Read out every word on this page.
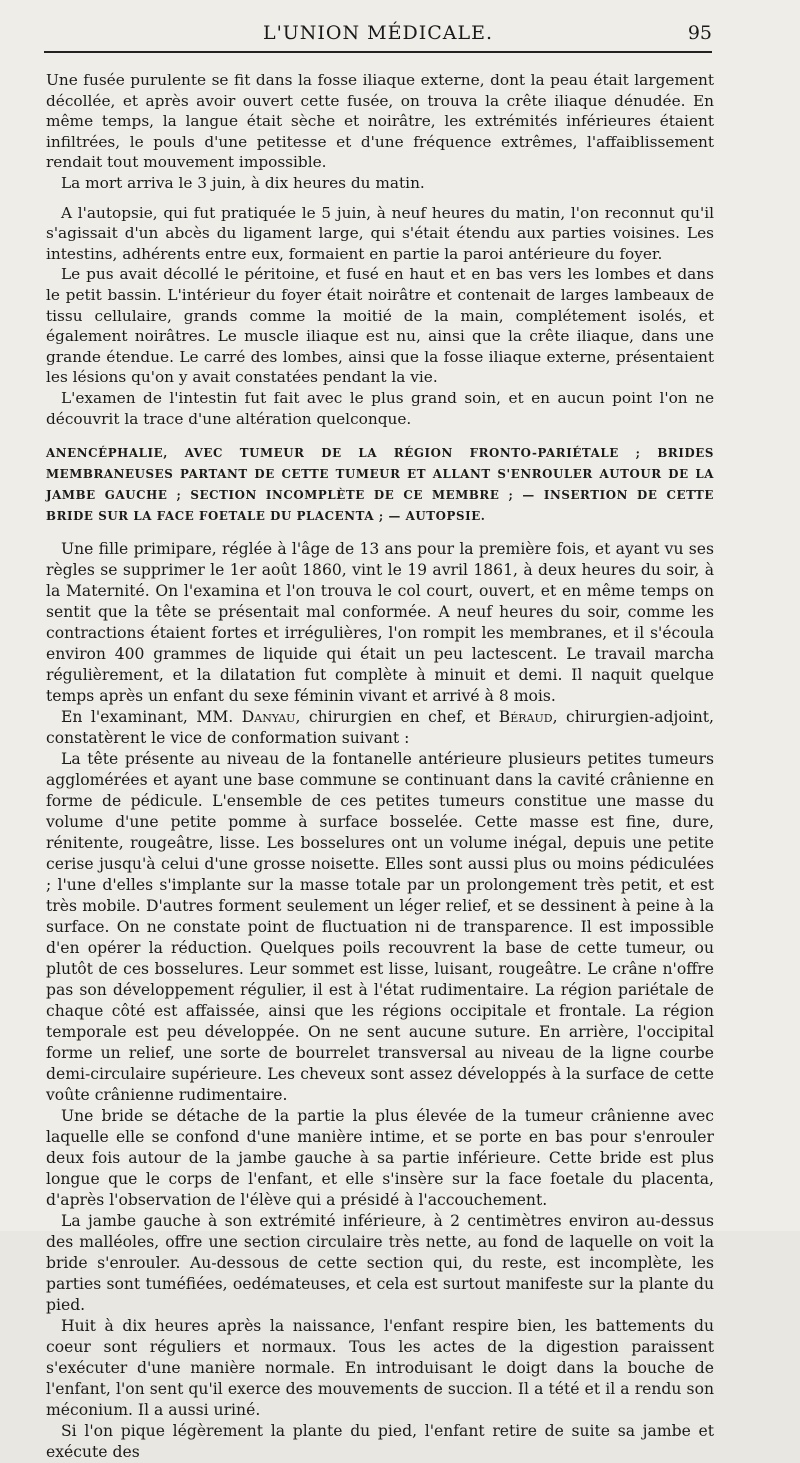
L'UNION MÉDICALE.	95

Une fusée purulente se fit dans la fosse iliaque externe, dont la peau était largement décollée, et après avoir ouvert cette fusée, on trouva la crête iliaque dénudée. En même temps, la langue était sèche et noirâtre, les extrémités inférieures étaient infiltrées, le pouls d'une petitesse et d'une fréquence extrêmes, l'affaiblissement rendait tout mouvement impossible.

La mort arriva le 3 juin, à dix heures du matin.

A l'autopsie, qui fut pratiquée le 5 juin, à neuf heures du matin, l'on reconnut qu'il s'agissait d'un abcès du ligament large, qui s'était étendu aux parties voisines. Les intestins, adhérents entre eux, formaient en partie la paroi antérieure du foyer.

Le pus avait décollé le péritoine, et fusé en haut et en bas vers les lombes et dans le petit bassin. L'intérieur du foyer était noirâtre et contenait de larges lambeaux de tissu cellulaire, grands comme la moitié de la main, complétement isolés, et également noirâtres. Le muscle iliaque est nu, ainsi que la crête iliaque, dans une grande étendue. Le carré des lombes, ainsi que la fosse iliaque externe, présentaient les lésions qu'on y avait constatées pendant la vie.

L'examen de l'intestin fut fait avec le plus grand soin, et en aucun point l'on ne découvrit la trace d'une altération quelconque.

ANENCÉPHALIE, AVEC TUMEUR DE LA RÉGION FRONTO-PARIÉTALE ; BRIDES MEMBRANEUSES PARTANT DE CETTE TUMEUR ET ALLANT S'ENROULER AUTOUR DE LA JAMBE GAUCHE ; SECTION INCOMPLÈTE DE CE MEMBRE ; — INSERTION DE CETTE BRIDE SUR LA FACE FOETALE DU PLACENTA ; — AUTOPSIE.

Une fille primipare, réglée à l'âge de 13 ans pour la première fois, et ayant vu ses règles se supprimer le 1er août 1860, vint le 19 avril 1861, à deux heures du soir, à la Maternité. On l'examina et l'on trouva le col court, ouvert, et en même temps on sentit que la tête se présentait mal conformée. A neuf heures du soir, comme les contractions étaient fortes et irrégulières, l'on rompit les membranes, et il s'écoula environ 400 grammes de liquide qui était un peu lactescent. Le travail marcha régulièrement, et la dilatation fut complète à minuit et demi. Il naquit quelque temps après un enfant du sexe féminin vivant et arrivé à 8 mois.

En l'examinant, MM. Danyau, chirurgien en chef, et Béraud, chirurgien-adjoint, constatèrent le vice de conformation suivant :

La tête présente au niveau de la fontanelle antérieure plusieurs petites tumeurs agglomérées et ayant une base commune se continuant dans la cavité crânienne en forme de pédicule. L'ensemble de ces petites tumeurs constitue une masse du volume d'une petite pomme à surface bosselée. Cette masse est fine, dure, rénitente, rougeâtre, lisse. Les bosselures ont un volume inégal, depuis une petite cerise jusqu'à celui d'une grosse noisette. Elles sont aussi plus ou moins pédiculées ; l'une d'elles s'implante sur la masse totale par un prolongement très petit, et est très mobile. D'autres forment seulement un léger relief, et se dessinent à peine à la surface. On ne constate point de fluctuation ni de transparence. Il est impossible d'en opérer la réduction. Quelques poils recouvrent la base de cette tumeur, ou plutôt de ces bosselures. Leur sommet est lisse, luisant, rougeâtre. Le crâne n'offre pas son développement régulier, il est à l'état rudimentaire. La région pariétale de chaque côté est affaissée, ainsi que les régions occipitale et frontale. La région temporale est peu développée. On ne sent aucune suture. En arrière, l'occipital forme un relief, une sorte de bourrelet transversal au niveau de la ligne courbe demi-circulaire supérieure. Les cheveux sont assez développés à la surface de cette voûte crânienne rudimentaire.

Une bride se détache de la partie la plus élevée de la tumeur crânienne avec laquelle elle se confond d'une manière intime, et se porte en bas pour s'enrouler deux fois autour de la jambe gauche à sa partie inférieure. Cette bride est plus longue que le corps de l'enfant, et elle s'insère sur la face foetale du placenta, d'après l'observation de l'élève qui a présidé à l'accouchement.

La jambe gauche à son extrémité inférieure, à 2 centimètres environ au-dessus des malléoles, offre une section circulaire très nette, au fond de laquelle on voit la bride s'enrouler. Au-dessous de cette section qui, du reste, est incomplète, les parties sont tuméfiées, oedémateuses, et cela est surtout manifeste sur la plante du pied.

Huit à dix heures après la naissance, l'enfant respire bien, les battements du coeur sont réguliers et normaux. Tous les actes de la digestion paraissent s'exécuter d'une manière normale. En introduisant le doigt dans la bouche de l'enfant, l'on sent qu'il exerce des mouvements de succion. Il a tété et il a rendu son méconium. Il a aussi uriné.

Si l'on pique légèrement la plante du pied, l'enfant retire de suite sa jambe et exécute des
